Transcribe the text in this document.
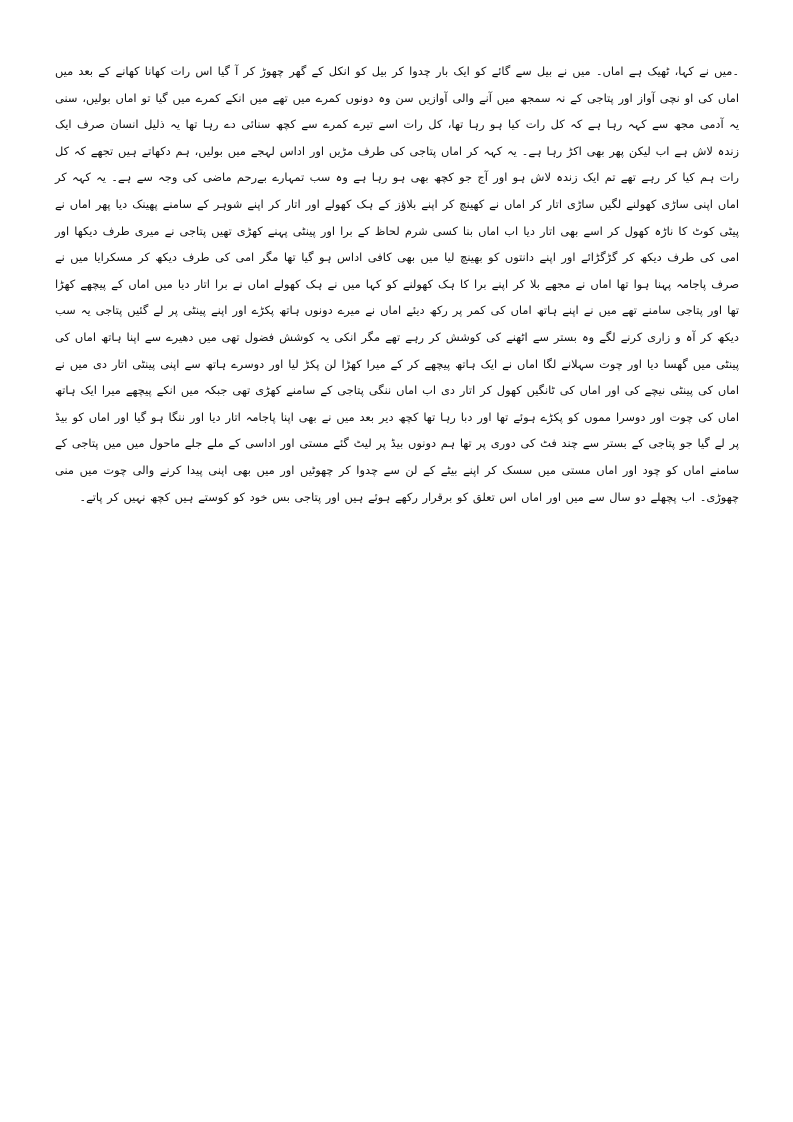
۔میں نے کہا، ٹھیک ہے اماں۔ میں نے بیل سے گائے کو ایک بار چدوا کر بیل کو انکل کے گھر چھوڑ کر آ گیا اس رات کھانا کھانے کے بعد میں اماں کی او نچی آواز اور پتاجی کے نہ سمجھ میں آنے والی آوازیں سن وہ دونوں کمرے میں تھے میں انکے کمرے میں گیا تو اماں بولیں، سنی یہ آدمی مجھ سے کہہ رہا ہے کہ کل رات کیا ہو رہا تھا، کل رات اسے تیرے کمرے سے کچھ سنائی دے رہا تھا یہ ذلیل انسان صرف ایک زندہ لاش ہے اب لیکن پھر بھی اکڑ رہا ہے۔ یہ کہہ کر اماں پتاجی کی طرف مڑیں اور اداس لہجے میں بولیں، ہم دکھاتے ہیں تجھے کہ کل رات ہم کیا کر رہے تھے تم ایک زندہ لاش ہو اور آج جو کچھ بھی ہو رہا ہے وہ سب تمہارے بےرحم ماضی کی وجہ سے ہے۔ یہ کہہ کر اماں اپنی ساڑی کھولنے لگیں ساڑی اتار کر اماں نے کھینچ کر اپنے بلاؤز کے ہک کھولے اور اتار کر اپنے شوہر کے سامنے پھینک دیا پھر اماں نے پیٹی کوٹ کا ناڑہ کھول کر اسے بھی اتار دیا اب اماں بنا کسی شرم لحاظ کے برا اور پینٹی پہنے کھڑی تھیں پتاجی نے میری طرف دیکھا اور امی کی طرف دیکھ کر گڑگڑائے اور اپنے دانتوں کو بھینچ لیا میں بھی کافی اداس ہو گیا تھا مگر امی کی طرف دیکھ کر مسکرایا میں نے صرف پاجامہ پہنا ہوا تھا اماں نے مجھے بلا کر اپنے برا کا ہک کھولنے کو کہا میں نے ہک کھولے اماں نے برا اتار دیا میں اماں کے پیچھے کھڑا تھا اور پتاجی سامنے تھے میں نے اپنے ہاتھ اماں کی کمر پر رکھ دیئے اماں نے میرے دونوں ہاتھ پکڑے اور اپنے پینٹی پر لے گئیں پتاجی یہ سب دیکھ کر آہ و زاری کرنے لگے وہ بستر سے اٹھنے کی کوشش کر رہے تھے مگر انکی یہ کوشش فضول تھی میں دھیرے سے اپنا ہاتھ اماں کی پینٹی میں گھسا دیا اور چوت سہلانے لگا اماں نے ایک ہاتھ پیچھے کر کے میرا کھڑا لن پکڑ لیا اور دوسرے ہاتھ سے اپنی پینٹی اتار دی میں نے اماں کی پینٹی نیچے کی اور اماں کی ٹانگیں کھول کر اتار دی اب اماں ننگی پتاجی کے سامنے کھڑی تھی جبکہ میں انکے پیچھے میرا ایک ہاتھ اماں کی چوت اور دوسرا مموں کو پکڑے ہوئے تھا اور دبا رہا تھا کچھ دیر بعد میں نے بھی اپنا پاجامہ اتار دیا اور ننگا ہو گیا اور اماں کو بیڈ پر لے گیا جو پتاجی کے بستر سے چند فٹ کی دوری پر تھا ہم دونوں بیڈ پر لیٹ گئے مستی اور اداسی کے ملے جلے ماحول میں میں پتاجی کے سامنے اماں کو چود اور اماں مستی میں سسک کر اپنے بیٹے کے لن سے چدوا کر چھوٹیں اور میں بھی اپنی پیدا کرنے والی چوت میں منی چھوڑی۔ اب پچھلے دو سال سے میں اور اماں اس تعلق کو برقرار رکھے ہوئے ہیں اور پتاجی بس خود کو کوستے ہیں کچھ نہیں کر پاتے۔
